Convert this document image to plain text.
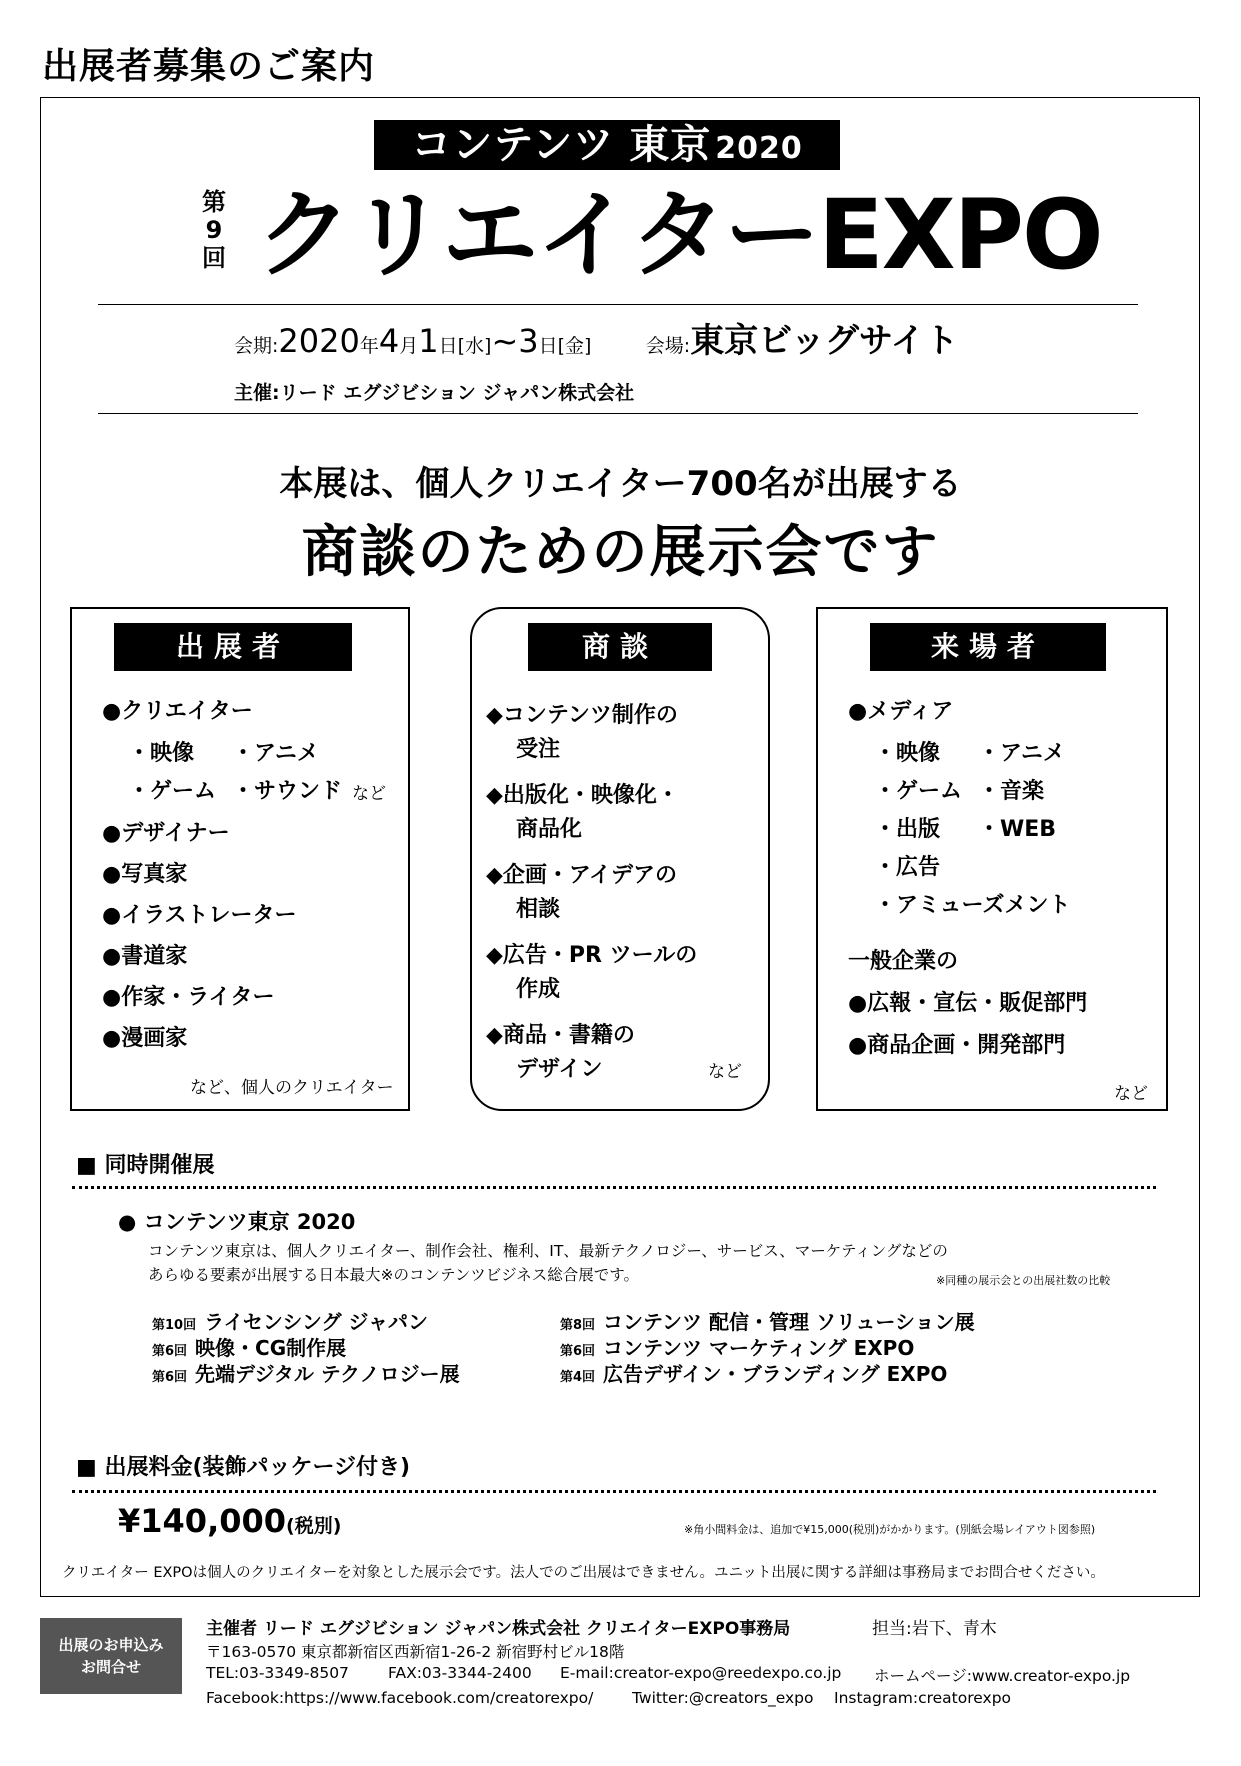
出展者募集のご案内
コンテンツ 東京 2020
第
9
回 クリエイターEXPO
会期:2020年4月1日[水]~3日[金]	会場:東京ビッグサイト
主催:リード エグジビション ジャパン株式会社
本展は、個人クリエイター700名が出展する
商談のための展示会です
出展者
●クリエイター
・映像 ・アニメ
・ゲーム ・サウンド など
●デザイナー
●写真家
●イラストレーター
●書道家
●作家・ライター
●漫画家
など、個人のクリエイター
商談
◆コンテンツ制作の
受注
◆出版化・映像化・
商品化
◆企画・アイデアの
相談
◆広告・PR ツールの
作成
◆商品・書籍の
デザイン	など
来場者
●メディア
・映像 ・アニメ
・ゲーム ・音楽
・出版 ・WEB
・広告
・アミューズメント
一般企業の
●広報・宣伝・販促部門
●商品企画・開発部門
など
■ 同時開催展
● コンテンツ東京 2020
コンテンツ東京は、個人クリエイター、制作会社、権利、IT、最新テクノロジー、サービス、マーケティングなどの
あらゆる要素が出展する日本最大※のコンテンツビジネス総合展です。	※同種の展示会との出展社数の比較
第10回 ライセンシング ジャパン
第6回 映像・CG制作展
第6回 先端デジタル テクノロジー展
第8回 コンテンツ 配信・管理 ソリューション展
第6回 コンテンツ マーケティング EXPO
第4回 広告デザイン・ブランディング EXPO
■ 出展料金(装飾パッケージ付き)
¥140,000(税別)	※角小間料金は、追加で¥15,000(税別)がかかります。(別紙会場レイアウト図参照)
クリエイター EXPOは個人のクリエイターを対象とした展示会です。法人でのご出展はできません。ユニット出展に関する詳細は事務局までお問合せください。
出展のお申込み
お問合せ
主催者 リード エグジビション ジャパン株式会社 クリエイターEXPO事務局	担当:岩下、青木
〒163-0570 東京都新宿区西新宿1-26-2 新宿野村ビル18階
TEL:03-3349-8507	FAX:03-3344-2400 E-mail:creator-expo@reedexpo.co.jp ホームページ:www.creator-expo.jp
Facebook:https://www.facebook.com/creatorexpo/ Twitter:@creators_expo Instagram:creatorexpo
